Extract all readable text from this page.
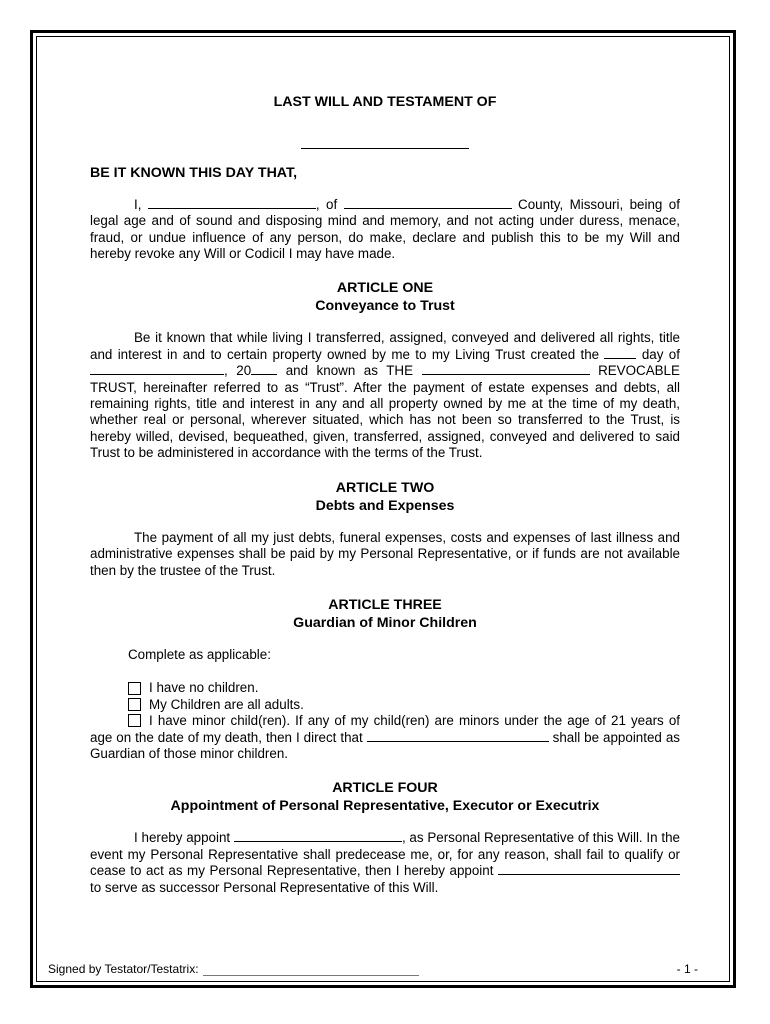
LAST WILL AND TESTAMENT OF

BE IT KNOWN THIS DAY THAT,

I,	, of	County, Missouri, being of legal age and of sound and disposing mind and memory, and not acting under duress, menace, fraud, or undue influence of any person, do make, declare and publish this to be my Will and hereby revoke any Will or Codicil I may have made.

ARTICLE ONE
Conveyance to Trust

Be it known that while living I transferred, assigned, conveyed and delivered all rights, title and interest in and to certain property owned by me to my Living Trust created the	day of , 20	and known as THE	REVOCABLE TRUST, hereinafter referred to as “Trust”. After the payment of estate expenses and debts, all remaining rights, title and interest in any and all property owned by me at the time of my death, whether real or personal, wherever situated, which has not been so transferred to the Trust, is hereby willed, devised, bequeathed, given, transferred, assigned, conveyed and delivered to said Trust to be administered in accordance with the terms of the Trust.

ARTICLE TWO
Debts and Expenses

The payment of all my just debts, funeral expenses, costs and expenses of last illness and administrative expenses shall be paid by my Personal Representative, or if funds are not available then by the trustee of the Trust.

ARTICLE THREE
Guardian of Minor Children

Complete as applicable:

I have no children.
My Children are all adults.

I have minor child(ren). If any of my child(ren) are minors under the age of 21 years of age on the date of my death, then I direct that	shall be appointed as Guardian of those minor children.

ARTICLE FOUR
Appointment of Personal Representative, Executor or Executrix

I hereby appoint	, as Personal Representative of this Will. In the event my Personal Representative shall predecease me, or, for any reason, shall fail to qualify or cease to act as my Personal Representative, then I hereby appoint  to serve as successor Personal Representative of this Will.

Signed by Testator/Testatrix:	- 1 -
